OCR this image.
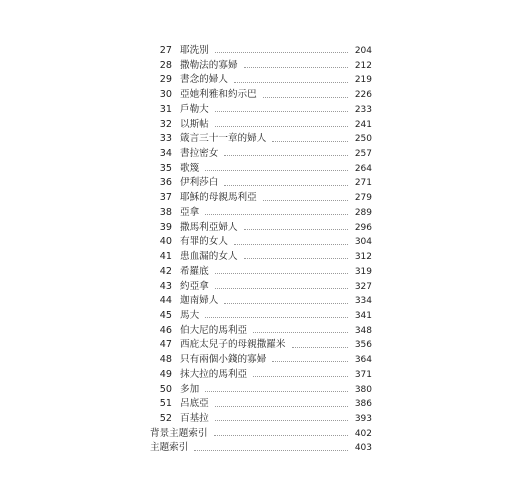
27 耶洗別	204
28 撒勒法的寡婦	212
29 書念的婦人	219
30 亞她利雅和約示巴	226
31 戶勒大	233
32 以斯帖	241
33 箴言三十一章的婦人	250
34 書拉密女	257
35 歌篾	264
36 伊利莎白	271
37 耶穌的母親馬利亞	279
38 亞拿	289
39 撒馬利亞婦人	296
40 有罪的女人	304
41 患血漏的女人	312
42 希羅底	319
43 約亞拿	327
44 迦南婦人	334
45 馬大	341
46 伯大尼的馬利亞	348
47 西庇太兒子的母親撒羅米	356
48 只有兩個小錢的寡婦	364
49 抹大拉的馬利亞	371
50 多加	380
51 呂底亞	386
52 百基拉	393
背景主題索引	402
主題索引	403
